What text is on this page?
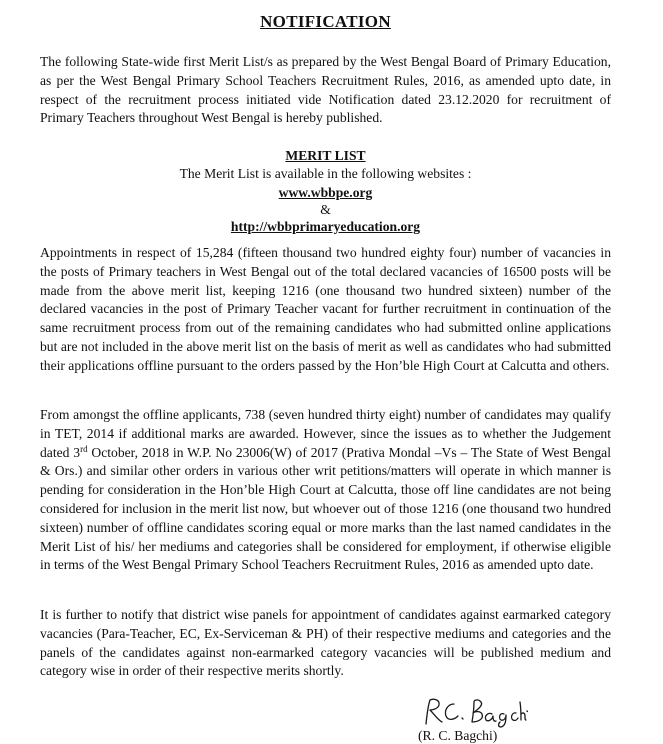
NOTIFICATION

The following State-wide first Merit List/s as prepared by the West Bengal Board of Primary Education, as per the West Bengal Primary School Teachers Recruitment Rules, 2016, as amended upto date, in respect of the recruitment process initiated vide Notification dated 23.12.2020 for recruitment of Primary Teachers throughout West Bengal is hereby published.

MERIT LIST
The Merit List is available in the following websites :
www.wbbpe.org
&
http://wbbprimaryeducation.org

Appointments in respect of 15,284 (fifteen thousand two hundred eighty four) number of vacancies in the posts of Primary teachers in West Bengal out of the total declared vacancies of 16500 posts will be made from the above merit list, keeping 1216 (one thousand two hundred sixteen) number of the declared vacancies in the post of Primary Teacher vacant for further recruitment in continuation of the same recruitment process from out of the remaining candidates who had submitted online applications but are not included in the above merit list on the basis of merit as well as candidates who had submitted their applications offline pursuant to the orders passed by the Hon’ble High Court at Calcutta and others.

From amongst the offline applicants, 738 (seven hundred thirty eight) number of candidates may qualify in TET, 2014 if additional marks are awarded. However, since the issues as to whether the Judgement dated 3rd October, 2018 in W.P. No 23006(W) of 2017 (Prativa Mondal –Vs – The State of West Bengal & Ors.) and similar other orders in various other writ petitions/matters will operate in which manner is pending for consideration in the Hon’ble High Court at Calcutta, those off line candidates are not being considered for inclusion in the merit list now, but whoever out of those 1216 (one thousand two hundred sixteen) number of offline candidates scoring equal or more marks than the last named candidates in the Merit List of his/ her mediums and categories shall be considered for employment, if otherwise eligible in terms of the West Bengal Primary School Teachers Recruitment Rules, 2016 as amended upto date.

It is further to notify that district wise panels for appointment of candidates against earmarked category vacancies (Para-Teacher, EC, Ex-Serviceman & PH) of their respective mediums and categories and the panels of the candidates against non-earmarked category vacancies will be published medium and category wise in order of their respective merits shortly.

RC. Bagchi
(R. C. Bagchi)
